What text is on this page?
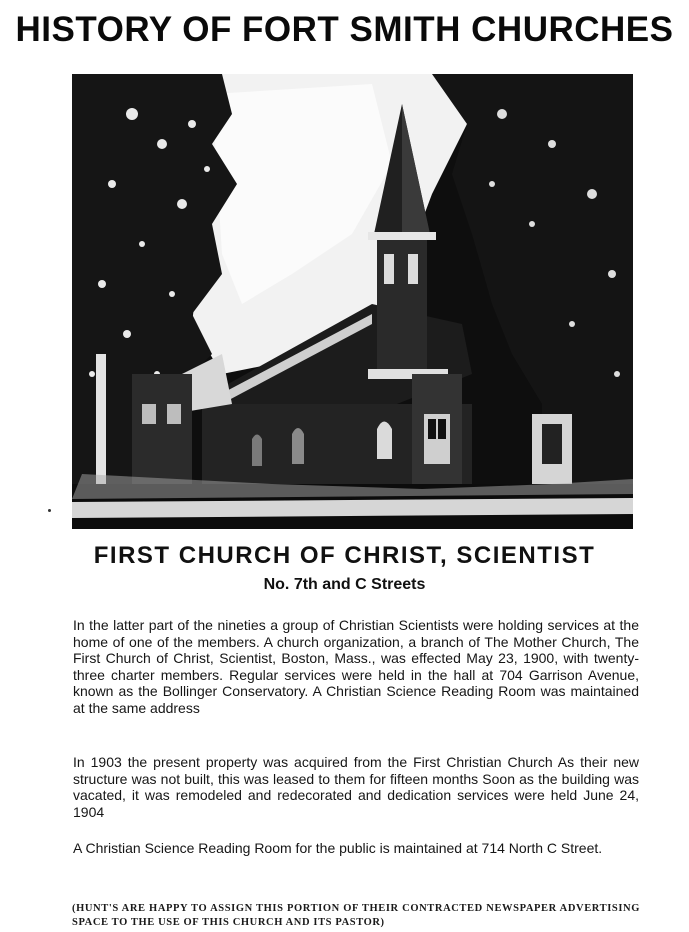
HISTORY OF FORT SMITH CHURCHES
FIRST CHURCH OF CHRIST, SCIENTIST
No. 7th and C Streets

In the latter part of the nineties a group of Christian Scientists were holding services at the home of one of the members. A church organization, a branch of The Mother Church, The First Church of Christ, Scientist, Boston, Mass., was effected May 23, 1900, with twenty-three charter members. Regular services were held in the hall at 704 Garrison Avenue, known as the Bollinger Conservatory. A Christian Science Reading Room was maintained at the same address

In 1903 the present property was acquired from the First Christian Church As their new structure was not built, this was leased to them for fifteen months Soon as the building was vacated, it was remodeled and redecorated and dedication services were held June 24, 1904

A Christian Science Reading Room for the public is maintained at 714 North C Street.

(HUNT'S ARE HAPPY TO ASSIGN THIS PORTION OF THEIR CONTRACTED NEWSPAPER ADVERTISING SPACE TO THE USE OF THIS CHURCH AND ITS PASTOR)
